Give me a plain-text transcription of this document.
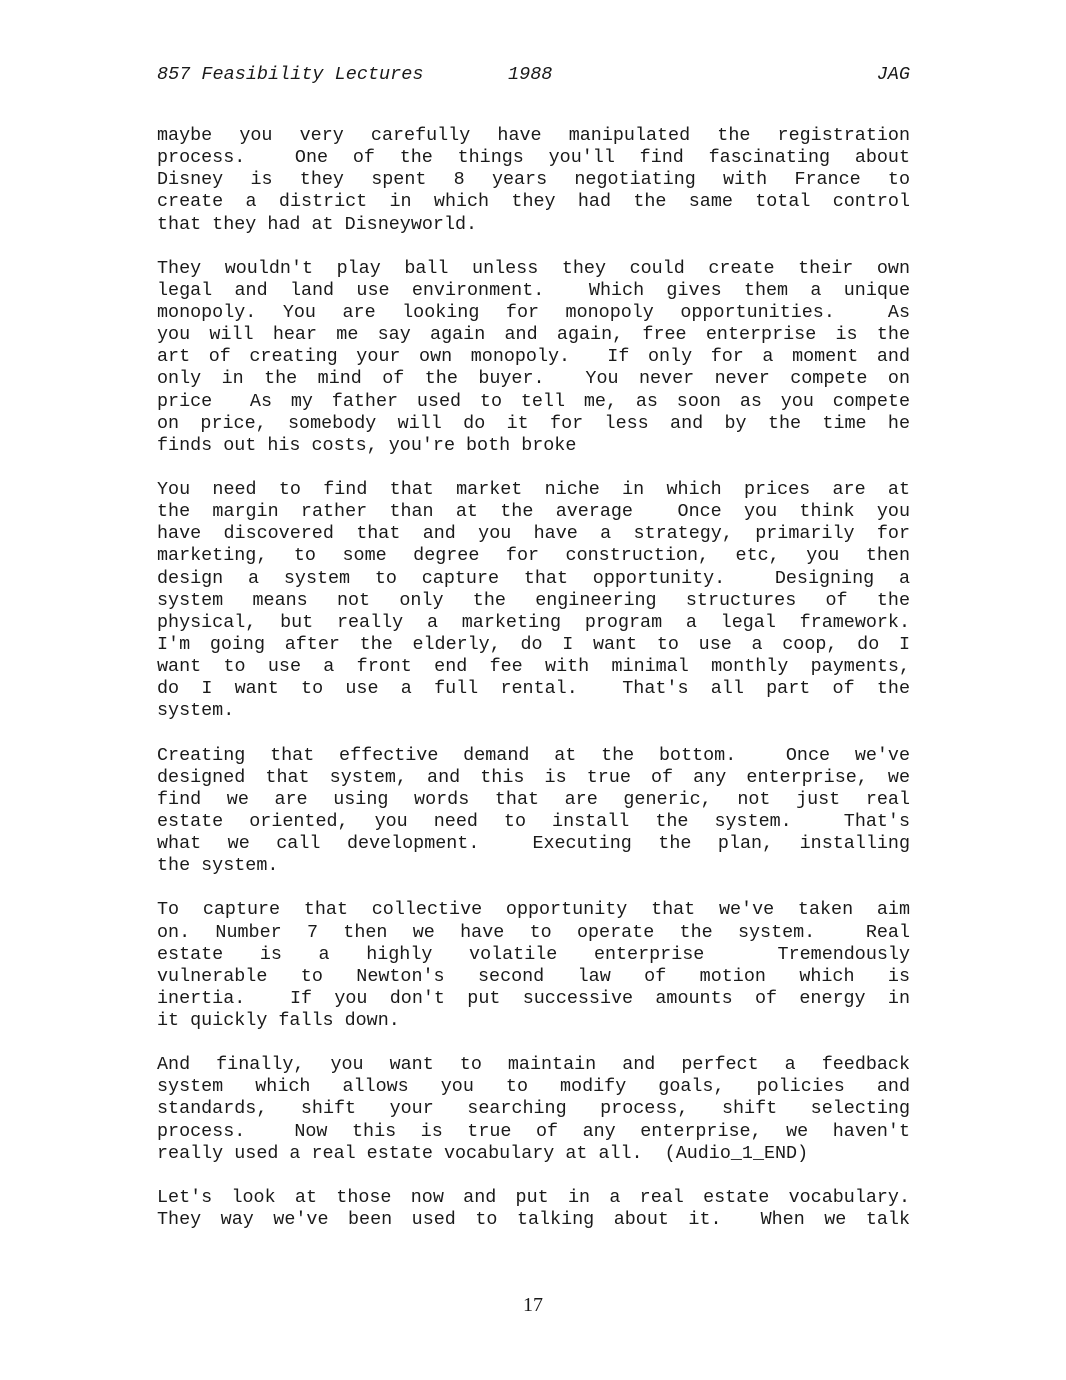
857 Feasibility Lectures

	1988

	JAG

maybe you very carefully have manipulated the registration
process.  One of the things you'll find fascinating about
Disney is they spent 8 years negotiating with France to
create a district in which they had the same total control
that they had at Disneyworld.
They wouldn't play ball unless they could create their own
legal and land use environment.  Which gives them a unique
monopoly. You are looking for monopoly opportunities.  As
you will hear me say again and again, free enterprise is the
art of creating your own monopoly.  If only for a moment and
only in the mind of the buyer.  You never never compete on
price  As my father used to tell me, as soon as you compete
on price, somebody will do it for less and by the time he
finds out his costs, you're both broke
You need to find that market niche in which prices are at
the margin rather than at the average  Once you think you
have discovered that and you have a strategy, primarily for
marketing, to some degree for construction, etc, you then
design a system to capture that opportunity.  Designing a
system means not only the engineering structures of the
physical, but really a marketing program a legal framework.
I'm going after the elderly, do I want to use a coop, do I
want to use a front end fee with minimal monthly payments,
do I want to use a full rental.  That's all part of the
system.
Creating that effective demand at the bottom.  Once we've
designed that system, and this is true of any enterprise, we
find we are using words that are generic, not just real
estate oriented, you need to install the system.  That's
what we call development.  Executing the plan, installing
the system.
To capture that collective opportunity that we've taken aim
on. Number 7 then we have to operate the system.  Real
estate is a highly volatile enterprise  Tremendously
vulnerable to Newton's second law of motion which is
inertia.  If you don't put successive amounts of energy in
it quickly falls down.
And finally, you want to maintain and perfect a feedback
system which allows you to modify goals, policies and
standards, shift your searching process, shift selecting
process.  Now this is true of any enterprise, we haven't
really used a real estate vocabulary at all.  (Audio_1_END)
Let's look at those now and put in a real estate vocabulary.
They way we've been used to talking about it.  When we talk
17
